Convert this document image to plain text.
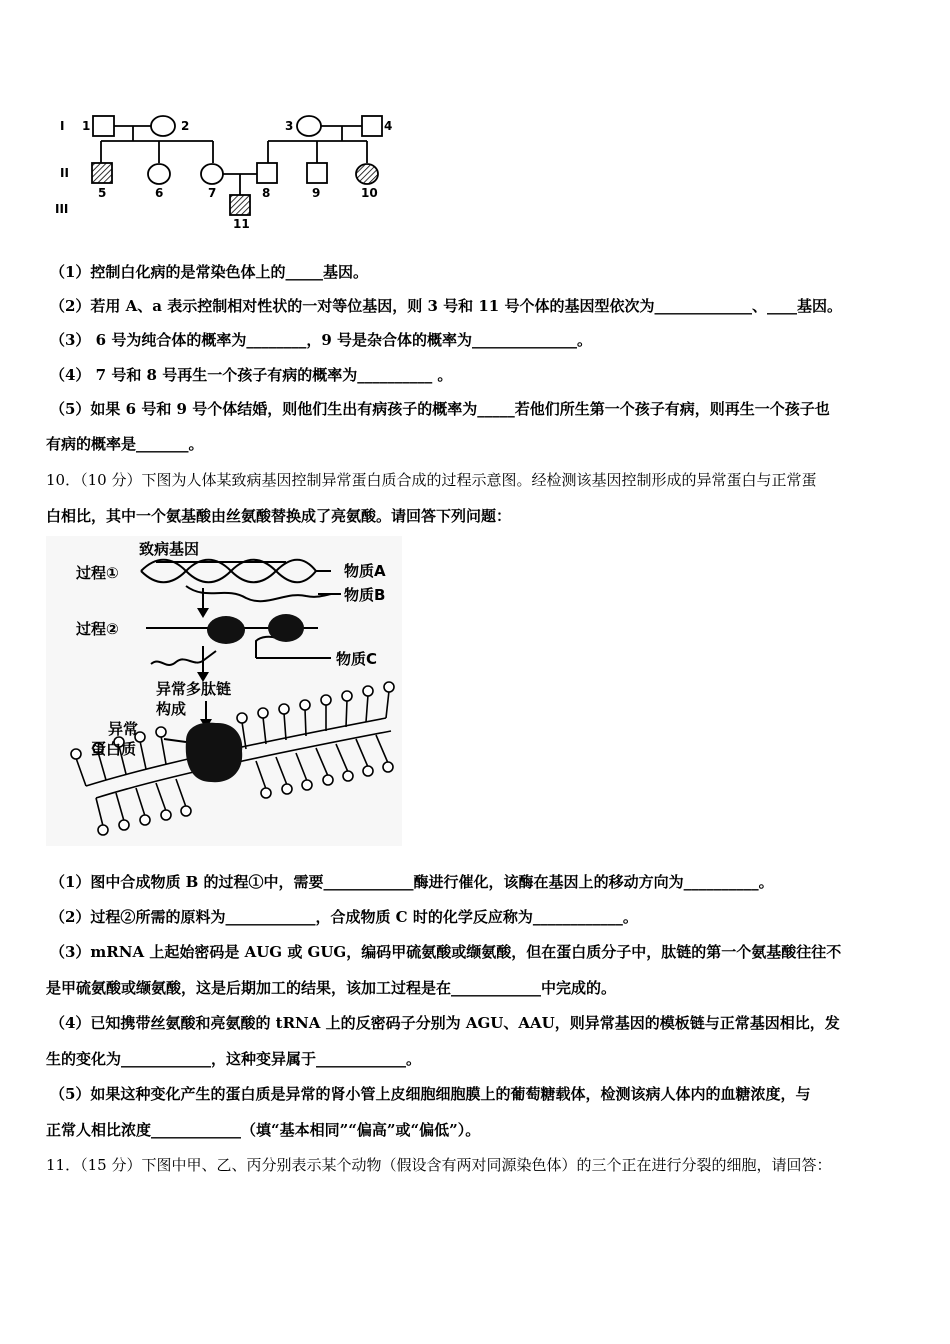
I
II
III
1	2	3	4
5	6	7	8	9	10
11
（1）控制白化病的是常染色体上的_____基因。
（2）若用 A、a 表示控制相对性状的一对等位基因，则 3 号和 11 号个体的基因型依次为_____________、____基因。
（3） 6 号为纯合体的概率为________，9 号是杂合体的概率为______________。
（4） 7 号和 8 号再生一个孩子有病的概率为__________ 。
（5）如果 6 号和 9 号个体结婚，则他们生出有病孩子的概率为_____若他们所生第一个孩子有病，则再生一个孩子也
有病的概率是_______。
10．（10 分）下图为人体某致病基因控制异常蛋白质合成的过程示意图。经检测该基因控制形成的异常蛋白与正常蛋
白相比，其中一个氨基酸由丝氨酸替换成了亮氨酸。请回答下列问题：
致病基因
过程①
过程②
物质A
物质B
物质C
异常多肽链
构成
异常
蛋白质
（1）图中合成物质 B 的过程①中，需要____________酶进行催化，该酶在基因上的移动方向为__________。
（2）过程②所需的原料为____________，合成物质 C 时的化学反应称为____________。
（3）mRNA 上起始密码是 AUG 或 GUG，编码甲硫氨酸或缬氨酸，但在蛋白质分子中，肽链的第一个氨基酸往往不
是甲硫氨酸或缬氨酸，这是后期加工的结果，该加工过程是在____________中完成的。
（4）已知携带丝氨酸和亮氨酸的 tRNA 上的反密码子分别为 AGU、AAU，则异常基因的模板链与正常基因相比，发
生的变化为____________，这种变异属于____________。
（5）如果这种变化产生的蛋白质是异常的肾小管上皮细胞细胞膜上的葡萄糖载体，检测该病人体内的血糖浓度，与
正常人相比浓度____________（填“基本相同”“偏高”或“偏低”）。
11．（15 分）下图中甲、乙、丙分别表示某个动物（假设含有两对同源染色体）的三个正在进行分裂的细胞，请回答：
